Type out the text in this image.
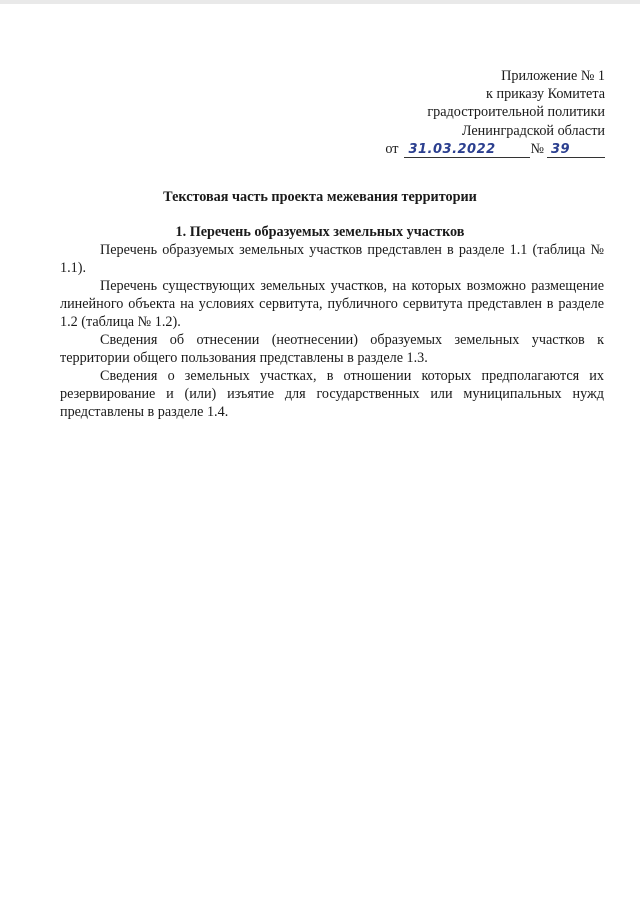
Приложение № 1
к приказу Комитета
градостроительной политики
Ленинградской области
от 31.03.2022	№ 39
Текстовая часть проекта межевания территории
1. Перечень образуемых земельных участков

Перечень образуемых земельных участков представлен в разделе 1.1 (таблица № 1.1).

Перечень существующих земельных участков, на которых возможно размещение линейного объекта на условиях сервитута, публичного сервитута представлен в разделе 1.2 (таблица № 1.2).

Сведения об отнесении (неотнесении) образуемых земельных участков к территории общего пользования представлены в разделе 1.3.

Сведения о земельных участках, в отношении которых предполагаются их резервирование и (или) изъятие для государственных или муниципальных нужд представлены в разделе 1.4.
